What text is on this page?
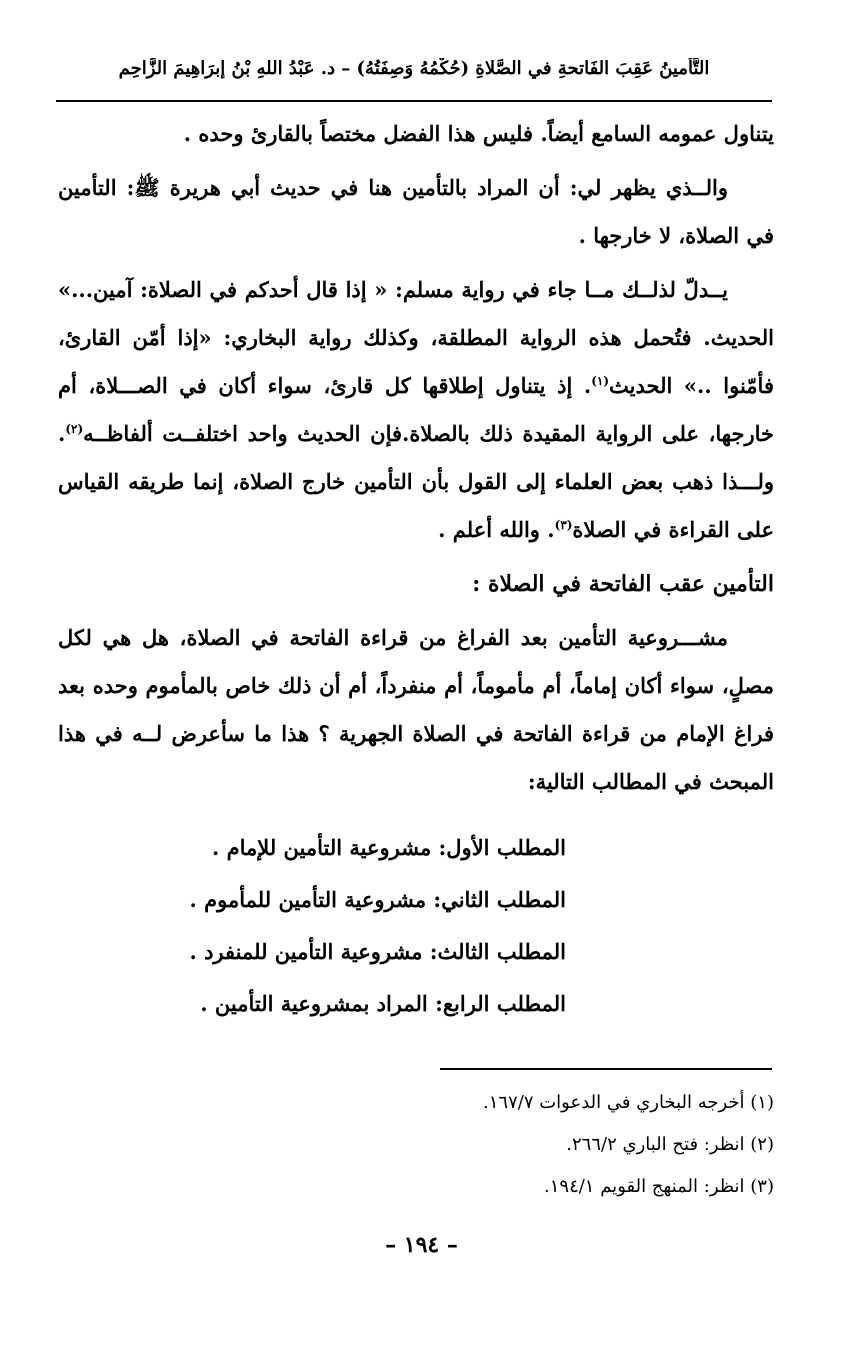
التَّأمينُ عَقِبَ الفَاتحةِ في الصَّلاةِ (حُكْمُهُ وَصِفَتُهُ) – د. عَبْدُ اللهِ بْنُ إبرَاهِيمَ الزَّاحِمِ

يتناول عمومه السامع أيضاً. فليس هذا الفضل مختصاً بالقارئ وحده .

والــذي يظهر لي: أن المراد بالتأمين هنا في حديث أبي هريرة ﷺ: التأمين في الصلاة، لا خارجها .

يــدلّ لذلــك مــا جاء في رواية مسلم: « إذا قال أحدكم في الصلاة: آمين...» الحديث. فتُحمل هذه الرواية المطلقة، وكذلك رواية البخاري: «إذا أمّن القارئ، فأمّنوا ..» الحديث$^{(١)}$. إذ يتناول إطلاقها كل قارئ، سواء أكان في الصـــلاة، أم خارجها، على الرواية المقيدة ذلك بالصلاة.فإن الحديث واحد اختلفــت ألفاظــه$^{(٢)}$. ولـــذا ذهب بعض العلماء إلى القول بأن التأمين خارج الصلاة، إنما طريقه القياس على القراءة في الصلاة$^{(٣)}$. والله أعلم .

التأمين عقب الفاتحة في الصلاة :

مشـــروعية التأمين بعد الفراغ من قراءة الفاتحة في الصلاة، هل هي لكل مصلٍ، سواء أكان إماماً، أم مأموماً، أم منفرداً، أم أن ذلك خاص بالمأموم وحده بعد فراغ الإمام من قراءة الفاتحة في الصلاة الجهرية ؟ هذا ما سأعرض لــه في هذا المبحث في المطالب التالية:

المطلب الأول: مشروعية التأمين للإمام .
المطلب الثاني: مشروعية التأمين للمأموم .
المطلب الثالث: مشروعية التأمين للمنفرد .
المطلب الرابع: المراد بمشروعية التأمين .
(١) أخرجه البخاري في الدعوات ١٦٧/٧.
(٢) انظر: فتح الباري ٢٦٦/٢.
(٣) انظر: المنهج القويم ١٩٤/١.
– ١٩٤ –
